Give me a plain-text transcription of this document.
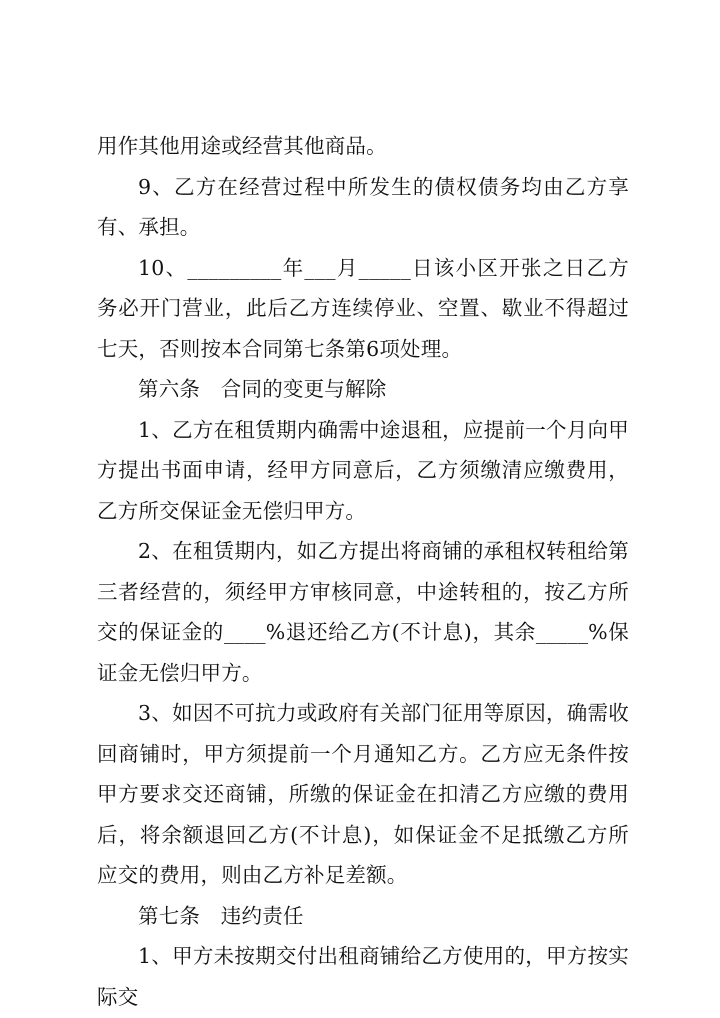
用作其他用途或经营其他商品。

9、乙方在经营过程中所发生的债权债务均由乙方享有、承担。

10、_________年___月_____日该小区开张之日乙方务必开门营业，此后乙方连续停业、空置、歇业不得超过七天，否则按本合同第七条第6项处理。

第六条　合同的变更与解除

1、乙方在租赁期内确需中途退租，应提前一个月向甲方提出书面申请，经甲方同意后，乙方须缴清应缴费用，乙方所交保证金无偿归甲方。

2、在租赁期内，如乙方提出将商铺的承租权转租给第三者经营的，须经甲方审核同意，中途转租的，按乙方所交的保证金的____%退还给乙方(不计息)，其余_____%保证金无偿归甲方。

3、如因不可抗力或政府有关部门征用等原因，确需收回商铺时，甲方须提前一个月通知乙方。乙方应无条件按甲方要求交还商铺，所缴的保证金在扣清乙方应缴的费用后，将余额退回乙方(不计息)，如保证金不足抵缴乙方所应交的费用，则由乙方补足差额。

第七条　违约责任

1、甲方未按期交付出租商铺给乙方使用的，甲方按实际交
